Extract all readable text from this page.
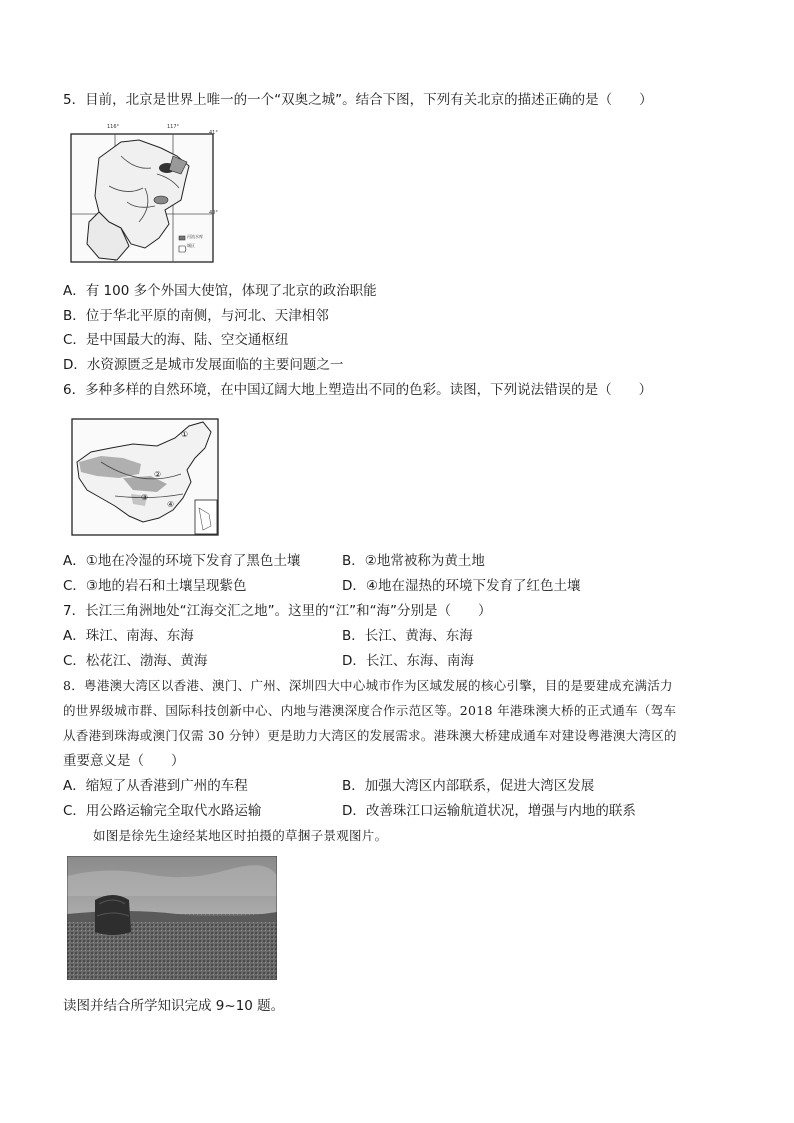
5．目前，北京是世界上唯一的一个“双奥之城”。结合下图，下列有关北京的描述正确的是（　　）
116°	117°
41°
40°
河流水库
城区
A．有 100 多个外国大使馆，体现了北京的政治职能
B．位于华北平原的南侧，与河北、天津相邻
C．是中国最大的海、陆、空交通枢纽
D．水资源匮乏是城市发展面临的主要问题之一
6．多种多样的自然环境，在中国辽阔大地上塑造出不同的色彩。读图，下列说法错误的是（　　）
①
②
③
④
A．①地在冷湿的环境下发育了黑色土壤	B．②地常被称为黄土地
C．③地的岩石和土壤呈现紫色	D．④地在湿热的环境下发育了红色土壤
7．长江三角洲地处“江海交汇之地”。这里的“江”和“海”分别是（　　）
A．珠江、南海、东海	B．长江、黄海、东海
C．松花江、渤海、黄海	D．长江、东海、南海
8．粤港澳大湾区以香港、澳门、广州、深圳四大中心城市作为区域发展的核心引擎，目的是要建成充满活力
的世界级城市群、国际科技创新中心、内地与港澳深度合作示范区等。2018 年港珠澳大桥的正式通车（驾车
从香港到珠海或澳门仅需 30 分钟）更是助力大湾区的发展需求。港珠澳大桥建成通车对建设粤港澳大湾区的
重要意义是（　　）
A．缩短了从香港到广州的车程	B．加强大湾区内部联系，促进大湾区发展
C．用公路运输完全取代水路运输	D．改善珠江口运输航道状况，增强与内地的联系
如图是徐先生途经某地区时拍摄的草捆子景观图片。
读图并结合所学知识完成 9~10 题。
